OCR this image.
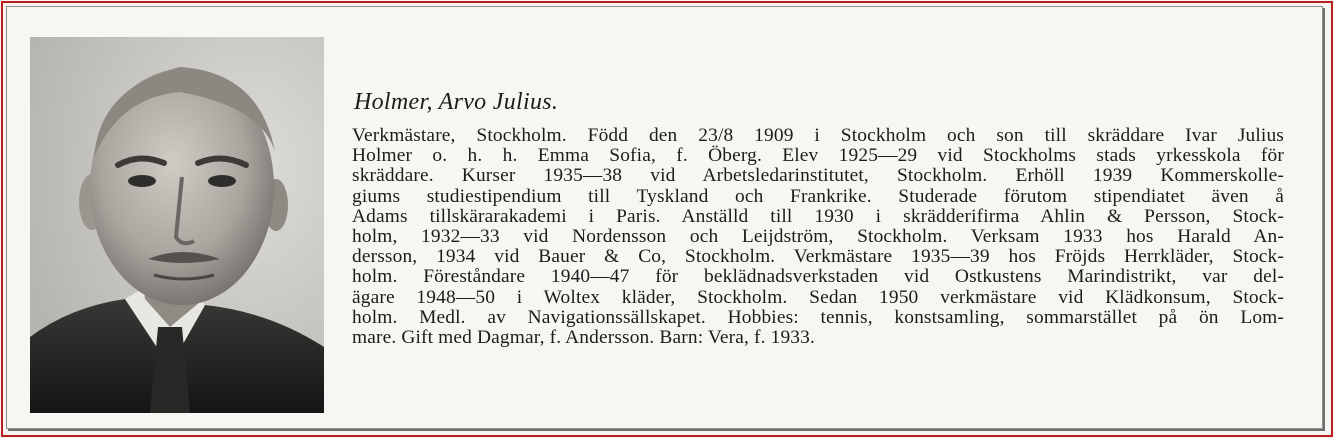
Holmer, Arvo Julius.
Verkmästare, Stockholm. Född den 23/8 1909 i Stockholm och son till skräddare Ivar Julius
Holmer o. h. h. Emma Sofia, f. Öberg. Elev 1925—29 vid Stockholms stads yrkesskola för
skräddare. Kurser 1935—38 vid Arbetsledarinstitutet, Stockholm. Erhöll 1939 Kommerskolle-
giums studiestipendium till Tyskland och Frankrike. Studerade förutom stipendiatet även å
Adams tillskärarakademi i Paris. Anställd till 1930 i skrädderifirma Ahlin & Persson, Stock-
holm, 1932—33 vid Nordensson och Leijdström, Stockholm. Verksam 1933 hos Harald An-
dersson, 1934 vid Bauer & Co, Stockholm. Verkmästare 1935—39 hos Fröjds Herrkläder, Stock-
holm. Föreståndare 1940—47 för beklädnadsverkstaden vid Ostkustens Marindistrikt, var del-
ägare 1948—50 i Woltex kläder, Stockholm. Sedan 1950 verkmästare vid Klädkonsum, Stock-
holm. Medl. av Navigationssällskapet. Hobbies: tennis, konstsamling, sommarstället på ön Lom-
mare. Gift med Dagmar, f. Andersson. Barn: Vera, f. 1933.
